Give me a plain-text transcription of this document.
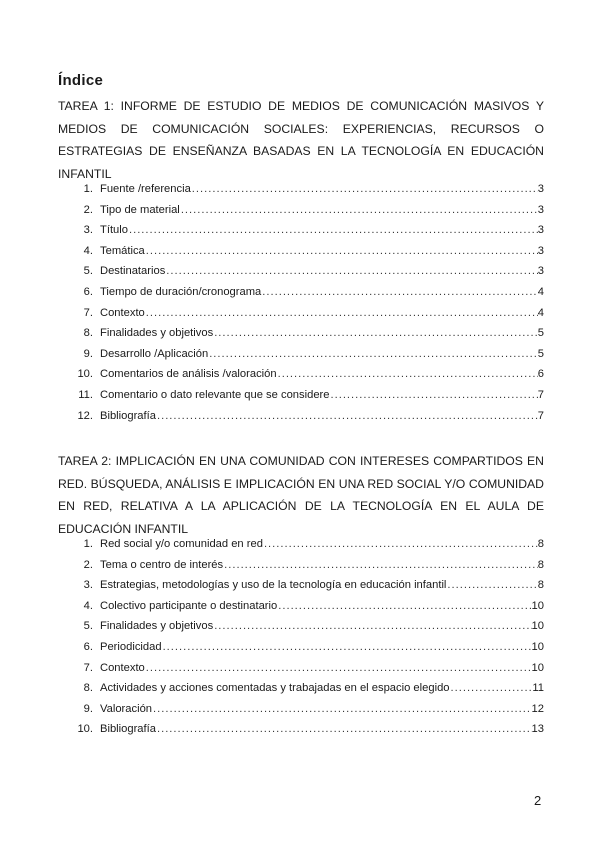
Índice
TAREA 1: INFORME DE ESTUDIO DE MEDIOS DE COMUNICACIÓN MASIVOS Y MEDIOS DE COMUNICACIÓN SOCIALES: EXPERIENCIAS, RECURSOS O ESTRATEGIAS DE ENSEÑANZA BASADAS EN LA TECNOLOGÍA EN EDUCACIÓN INFANTIL
1. Fuente /referencia .....	3
2. Tipo de material .....	3
3. Título .....	3
4. Temática .....	3
5. Destinatarios .....	3
6. Tiempo de duración/cronograma .....	4
7. Contexto .....	4
8. Finalidades y objetivos .....	5
9. Desarrollo /Aplicación .....	5
10. Comentarios de análisis /valoración .....	6
11. Comentario o dato relevante que se considere .....	7
12. Bibliografía .....	7
TAREA 2: IMPLICACIÓN EN UNA COMUNIDAD CON INTERESES COMPARTIDOS EN RED. BÚSQUEDA, ANÁLISIS E IMPLICACIÓN EN UNA RED SOCIAL Y/O COMUNIDAD EN RED, RELATIVA A LA APLICACIÓN DE LA TECNOLOGÍA EN EL AULA DE EDUCACIÓN INFANTIL
1. Red social y/o comunidad en red .....	8
2. Tema o centro de interés .....	8
3. Estrategias, metodologías y uso de la tecnología en educación infantil .....	8
4. Colectivo participante o destinatario .....	10
5. Finalidades y objetivos .....	10
6. Periodicidad .....	10
7. Contexto .....	10
8. Actividades y acciones comentadas y trabajadas en el espacio elegido .....	11
9. Valoración .....	12
10. Bibliografía .....	13
2
